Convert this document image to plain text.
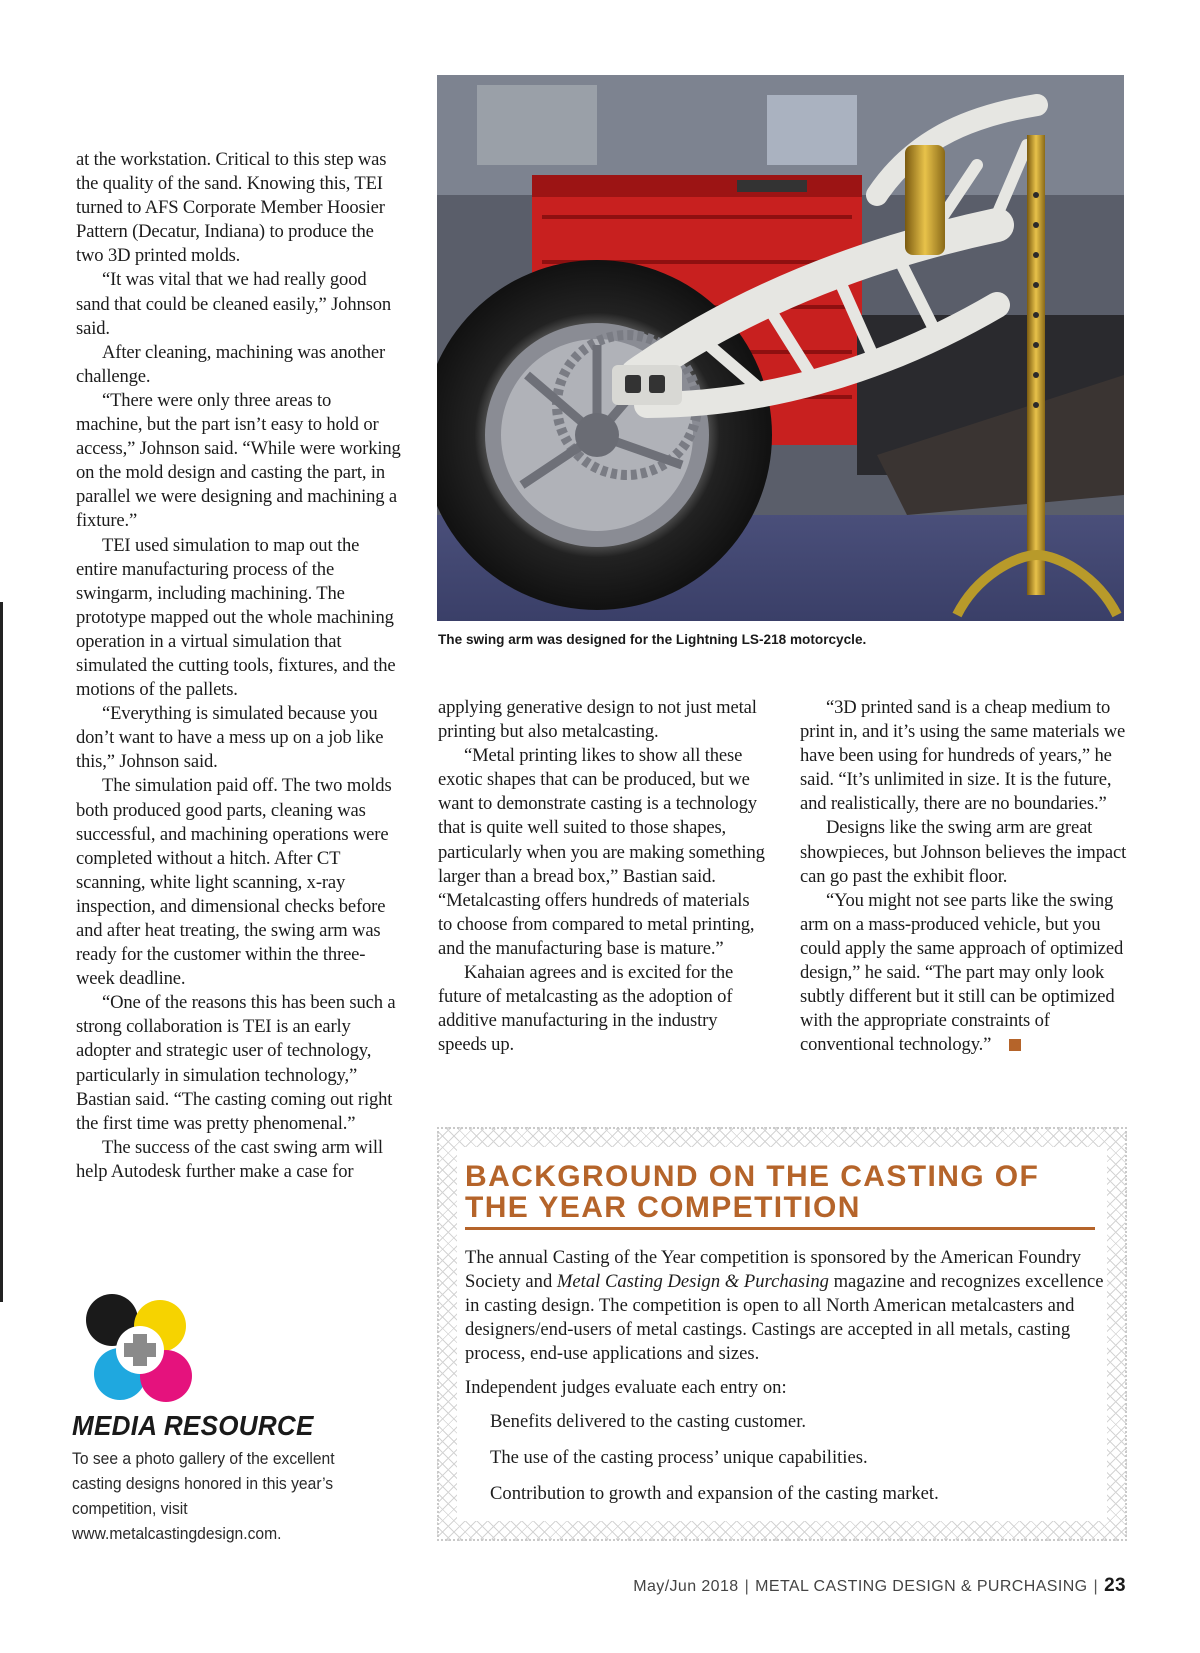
at the workstation. Critical to this step was the quality of the sand. Knowing this, TEI turned to AFS Corporate Member Hoosier Pattern (Decatur, Indiana) to produce the two 3D printed molds.

“It was vital that we had really good sand that could be cleaned easily,” Johnson said.

After cleaning, machining was another challenge.

“There were only three areas to machine, but the part isn’t easy to hold or access,” Johnson said. “While were working on the mold design and casting the part, in parallel we were designing and machining a fixture.”

TEI used simulation to map out the entire manufacturing process of the swingarm, including machining. The prototype mapped out the whole machining operation in a virtual simulation that simulated the cutting tools, fixtures, and the motions of the pallets.

“Everything is simulated because you don’t want to have a mess up on a job like this,” Johnson said.

The simulation paid off. The two molds both produced good parts, cleaning was successful, and machining operations were completed without a hitch. After CT scanning, white light scanning, x-ray inspection, and dimensional checks before and after heat treating, the swing arm was ready for the customer within the three-week deadline.

“One of the reasons this has been such a strong collaboration is TEI is an early adopter and strategic user of technology, particularly in simulation technology,” Bastian said. “The casting coming out right the first time was pretty phenomenal.”

The success of the cast swing arm will help Autodesk further make a case for

The swing arm was designed for the Lightning LS-218 motorcycle.

applying generative design to not just metal printing but also metalcasting.

“Metal printing likes to show all these exotic shapes that can be produced, but we want to demonstrate casting is a technology that is quite well suited to those shapes, particularly when you are making something larger than a bread box,” Bastian said. “Metalcasting offers hundreds of materials to choose from compared to metal printing, and the manufacturing base is mature.”

Kahaian agrees and is excited for the future of metalcasting as the adoption of additive manufacturing in the industry speeds up.

“3D printed sand is a cheap medium to print in, and it’s using the same materials we have been using for hundreds of years,” he said. “It’s unlimited in size. It is the future, and realistically, there are no boundaries.”

Designs like the swing arm are great showpieces, but Johnson believes the impact can go past the exhibit floor.

“You might not see parts like the swing arm on a mass-produced vehicle, but you could apply the same approach of optimized design,” he said. “The part may only look subtly different but it still can be optimized with the appropriate constraints of conventional technology.”

BACKGROUND ON THE CASTING OF
THE YEAR COMPETITION

The annual Casting of the Year competition is sponsored by the American Foundry Society and Metal Casting Design & Purchasing magazine and recognizes excellence in casting design. The competition is open to all North American metalcasters and designers/end-users of metal castings. Castings are accepted in all metals, casting process, end-use applications and sizes.

Independent judges evaluate each entry on:

Benefits delivered to the casting customer.
The use of the casting process’ unique capabilities.
Contribution to growth and expansion of the casting market.
MEDIA RESOURCE
To see a photo gallery of the excellent casting designs honored in this year’s competition, visit www.metalcastingdesign.com.
May/Jun 2018 | METAL CASTING DESIGN & PURCHASING | 23
